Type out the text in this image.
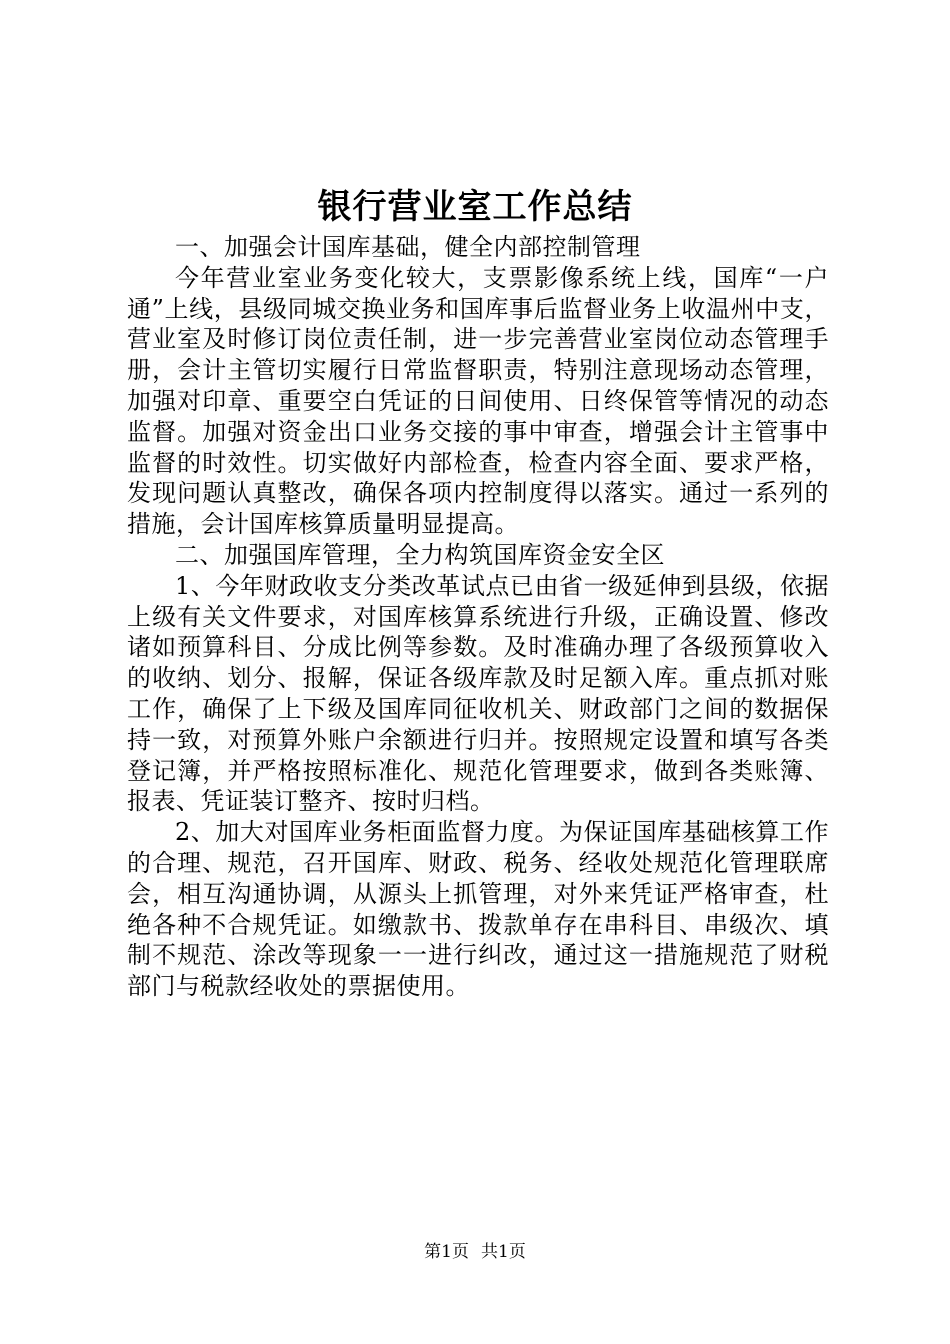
银行营业室工作总结

一、加强会计国库基础，健全内部控制管理

今年营业室业务变化较大，支票影像系统上线，国库“一户通”上线，县级同城交换业务和国库事后监督业务上收温州中支，营业室及时修订岗位责任制，进一步完善营业室岗位动态管理手册，会计主管切实履行日常监督职责，特别注意现场动态管理，加强对印章、重要空白凭证的日间使用、日终保管等情况的动态监督。加强对资金出口业务交接的事中审查，增强会计主管事中监督的时效性。切实做好内部检查，检查内容全面、要求严格，发现问题认真整改，确保各项内控制度得以落实。通过一系列的措施，会计国库核算质量明显提高。

二、加强国库管理，全力构筑国库资金安全区

1、今年财政收支分类改革试点已由省一级延伸到县级，依据上级有关文件要求，对国库核算系统进行升级，正确设置、修改诸如预算科目、分成比例等参数。及时准确办理了各级预算收入的收纳、划分、报解，保证各级库款及时足额入库。重点抓对账工作，确保了上下级及国库同征收机关、财政部门之间的数据保持一致，对预算外账户余额进行归并。按照规定设置和填写各类登记簿，并严格按照标准化、规范化管理要求，做到各类账簿、报表、凭证装订整齐、按时归档。

2、加大对国库业务柜面监督力度。为保证国库基础核算工作的合理、规范，召开国库、财政、税务、经收处规范化管理联席会，相互沟通协调，从源头上抓管理，对外来凭证严格审查，杜绝各种不合规凭证。如缴款书、拨款单存在串科目、串级次、填制不规范、涂改等现象一一进行纠改，通过这一措施规范了财税部门与税款经收处的票据使用。

第1页 共1页
